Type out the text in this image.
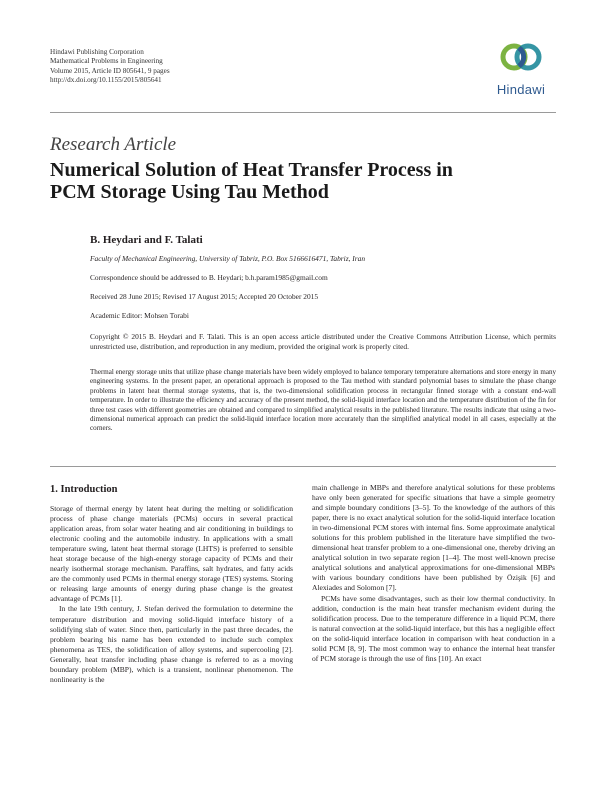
Hindawi Publishing Corporation
Mathematical Problems in Engineering
Volume 2015, Article ID 805641, 9 pages
http://dx.doi.org/10.1155/2015/805641
Hindawi
Research Article
Numerical Solution of Heat Transfer Process in
PCM Storage Using Tau Method
B. Heydari and F. Talati
Faculty of Mechanical Engineering, University of Tabriz, P.O. Box 5166616471, Tabriz, Iran
Correspondence should be addressed to B. Heydari; b.h.param1985@gmail.com
Received 28 June 2015; Revised 17 August 2015; Accepted 20 October 2015
Academic Editor: Mohsen Torabi
Copyright © 2015 B. Heydari and F. Talati. This is an open access article distributed under the Creative Commons Attribution License, which permits unrestricted use, distribution, and reproduction in any medium, provided the original work is properly cited.
Thermal energy storage units that utilize phase change materials have been widely employed to balance temporary temperature alternations and store energy in many engineering systems. In the present paper, an operational approach is proposed to the Tau method with standard polynomial bases to simulate the phase change problems in latent heat thermal storage systems, that is, the two-dimensional solidification process in rectangular finned storage with a constant end-wall temperature. In order to illustrate the efficiency and accuracy of the present method, the solid-liquid interface location and the temperature distribution of the fin for three test cases with different geometries are obtained and compared to simplified analytical results in the published literature. The results indicate that using a two-dimensional numerical approach can predict the solid-liquid interface location more accurately than the simplified analytical model in all cases, especially at the corners.
1. Introduction

Storage of thermal energy by latent heat during the melting or solidification process of phase change materials (PCMs) occurs in several practical application areas, from solar water heating and air conditioning in buildings to electronic cooling and the automobile industry. In applications with a small temperature swing, latent heat thermal storage (LHTS) is preferred to sensible heat storage because of the high-energy storage capacity of PCMs and their nearly isothermal storage mechanism. Paraffins, salt hydrates, and fatty acids are the commonly used PCMs in thermal energy storage (TES) systems. Storing or releasing large amounts of energy during phase change is the greatest advantage of PCMs [1].

In the late 19th century, J. Stefan derived the formulation to determine the temperature distribution and moving solid-liquid interface history of a solidifying slab of water. Since then, particularly in the past three decades, the problem bearing his name has been extended to include such complex phenomena as TES, the solidification of alloy systems, and supercooling [2]. Generally, heat transfer including phase change is referred to as a moving boundary problem (MBP), which is a transient, nonlinear phenomenon. The nonlinearity is the

main challenge in MBPs and therefore analytical solutions for these problems have only been generated for specific situations that have a simple geometry and simple boundary conditions [3–5]. To the knowledge of the authors of this paper, there is no exact analytical solution for the solid-liquid interface location in two-dimensional PCM stores with internal fins. Some approximate analytical solutions for this problem published in the literature have simplified the two-dimensional heat transfer problem to a one-dimensional one, thereby driving an analytical solution in two separate region [1–4]. The most well-known precise analytical solutions and analytical approximations for one-dimensional MBPs with various boundary conditions have been published by Özişik [6] and Alexiades and Solomon [7].

PCMs have some disadvantages, such as their low thermal conductivity. In addition, conduction is the main heat transfer mechanism evident during the solidification process. Due to the temperature difference in a liquid PCM, there is natural convection at the solid-liquid interface, but this has a negligible effect on the solid-liquid interface location in comparison with heat conduction in a solid PCM [8, 9]. The most common way to enhance the internal heat transfer of PCM storage is through the use of fins [10]. An exact
